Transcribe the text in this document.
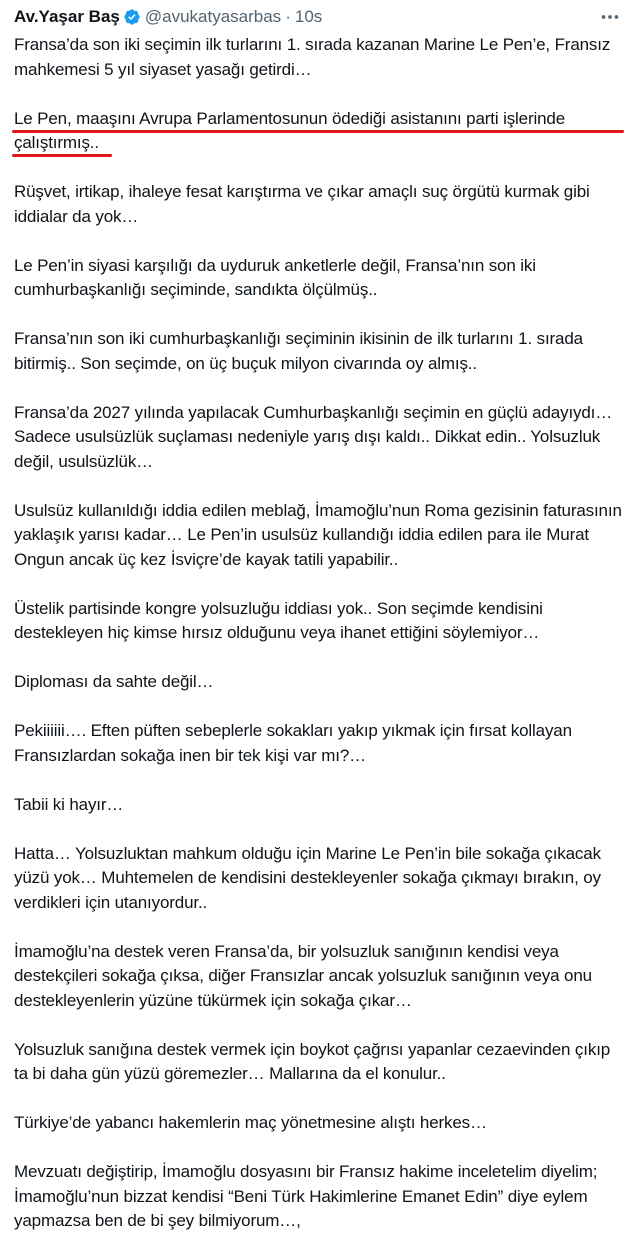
Av.Yaşar Baş @avukatyasarbas · 10s

Fransa’da son iki seçimin ilk turlarını 1. sırada kazanan Marine Le Pen’e, Fransız mahkemesi 5 yıl siyaset yasağı getirdi…

Le Pen, maaşını Avrupa Parlamentosunun ödediği asistanını parti işlerinde çalıştırmış..

Rüşvet, irtikap, ihaleye fesat karıştırma ve çıkar amaçlı suç örgütü kurmak gibi iddialar da yok…

Le Pen’in siyasi karşılığı da uyduruk anketlerle değil, Fransa’nın son iki cumhurbaşkanlığı seçiminde, sandıkta ölçülmüş..

Fransa’nın son iki cumhurbaşkanlığı seçiminin ikisinin de ilk turlarını 1. sırada bitirmiş.. Son seçimde, on üç buçuk milyon civarında oy almış..

Fransa’da 2027 yılında yapılacak Cumhurbaşkanlığı seçimin en güçlü adayıydı… Sadece usulsüzlük suçlaması nedeniyle yarış dışı kaldı.. Dikkat edin.. Yolsuzluk değil, usulsüzlük…

Usulsüz kullanıldığı iddia edilen meblağ, İmamoğlu’nun Roma gezisinin faturasının yaklaşık yarısı kadar… Le Pen’in usulsüz kullandığı iddia edilen para ile Murat Ongun ancak üç kez İsviçre’de kayak tatili yapabilir..

Üstelik partisinde kongre yolsuzluğu iddiası yok.. Son seçimde kendisini destekleyen hiç kimse hırsız olduğunu veya ihanet ettiğini söylemiyor…

Diploması da sahte değil…

Pekiiiiii…. Eften püften sebeplerle sokakları yakıp yıkmak için fırsat kollayan Fransızlardan sokağa inen bir tek kişi var mı?…

Tabii ki hayır…

Hatta… Yolsuzluktan mahkum olduğu için Marine Le Pen’in bile sokağa çıkacak yüzü yok… Muhtemelen de kendisini destekleyenler sokağa çıkmayı bırakın, oy verdikleri için utanıyordur..

İmamoğlu’na destek veren Fransa’da, bir yolsuzluk sanığının kendisi veya destekçileri sokağa çıksa, diğer Fransızlar ancak yolsuzluk sanığının veya onu destekleyenlerin yüzüne tükürmek için sokağa çıkar…

Yolsuzluk sanığına destek vermek için boykot çağrısı yapanlar cezaevinden çıkıp ta bi daha gün yüzü göremezler… Mallarına da el konulur..

Türkiye’de yabancı hakemlerin maç yönetmesine alıştı herkes…

Mevzuatı değiştirip, İmamoğlu dosyasını bir Fransız hakime inceletelim diyelim; İmamoğlu’nun bizzat kendisi “Beni Türk Hakimlerine Emanet Edin” diye eylem yapmazsa ben de bi şey bilmiyorum…,
